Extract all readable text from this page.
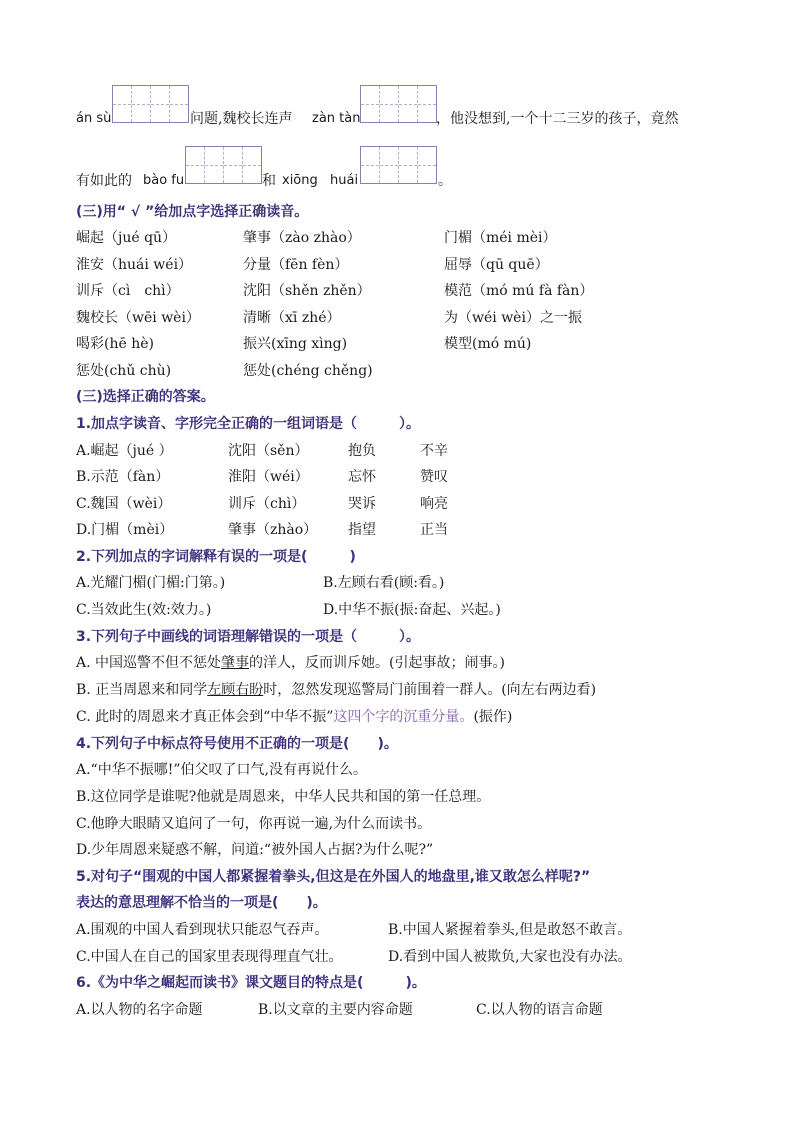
án sù	问题,魏校长连声 zàn tàn	，他没想到,一个十二三岁的孩子，竟然
有如此的 bào fu	和 xiōng huái	。
(三)用“ √ ”给加点字选择正确读音。
崛起（jué qū）	肇事（zào zhào）	门楣（méi mèi）
淮安（huái wéi）	分量（fēn fèn）	屈辱（qū quē）
训斥（cì　chì）	沈阳（shěn zhěn）	模范（mó mú fà fàn）
魏校长（wēi wèi）	清晰（xī zhé）	为（wéi wèi）之一振
喝彩(hē hè)	振兴(xīng xìng)	模型(mó mú)
惩处(chǔ chù)	惩处(chéng chěng)
(三)选择正确的答案。
1.加点字读音、字形完全正确的一组词语是（　　　）。
A.崛起（jué ）	沈阳（sěn）	抱负	不辛
B.示范（fàn）	淮阳（wéi）	忘怀	赞叹
C.魏国（wèi）	训斥（chì）	哭诉	响亮
D.门楣（mèi）	肇事（zhào） 指望	正当
2.下列加点的字词解释有误的一项是(　　　)
A.光耀门楣(门楣:门第。)	B.左顾右看(顾:看。)
C.当效此生(效:效力。)	D.中华不振(振:奋起、兴起。)
3.下列句子中画线的词语理解错误的一项是（　　　）。
A. 中国巡警不但不惩处肇事的洋人，反而训斥她。(引起事故；闹事。)
B. 正当周恩来和同学左顾右盼时，忽然发现巡警局门前围着一群人。(向左右两边看)
C. 此时的周恩来才真正体会到“中华不振”这四个字的沉重分量。(振作)
4.下列句子中标点符号使用不正确的一项是(　　)。
A.“中华不振哪!”伯父叹了口气,没有再说什么。
B.这位同学是谁呢?他就是周恩来，中华人民共和国的第一任总理。
C.他睁大眼睛又追问了一句，你再说一遍,为什么而读书。
D.少年周恩来疑惑不解，问道:“被外国人占据?为什么呢?”
5.对句子“围观的中国人都紧握着拳头,但这是在外国人的地盘里,谁又敢怎么样呢?”
表达的意思理解不恰当的一项是(　　)。
A.围观的中国人看到现状只能忍气吞声。	B.中国人紧握着拳头,但是敢怒不敢言。
C.中国人在自己的国家里表现得理直气壮。	D.看到中国人被欺负,大家也没有办法。
6.《为中华之崛起而读书》课文题目的特点是(　　　)。
A.以人物的名字命题	B.以文章的主要内容命题	C.以人物的语言命题
